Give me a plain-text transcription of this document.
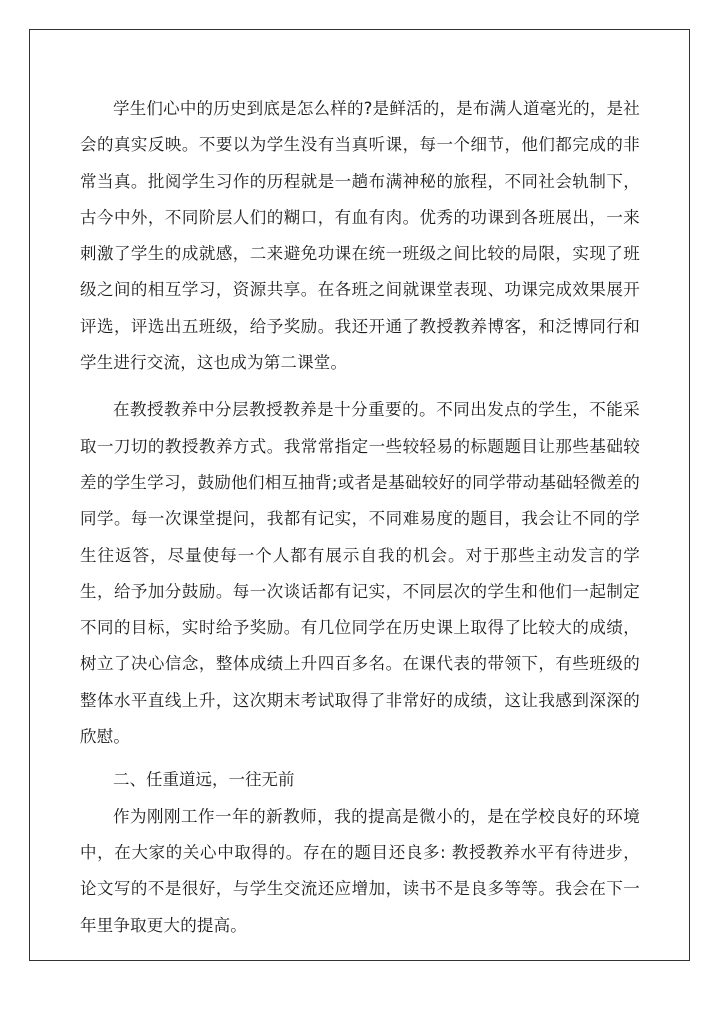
学生们心中的历史到底是怎么样的?是鲜活的，是布满人道毫光的，是社会的真实反映。不要以为学生没有当真听课，每一个细节，他们都完成的非常当真。批阅学生习作的历程就是一趟布满神秘的旅程，不同社会轨制下，古今中外，不同阶层人们的糊口，有血有肉。优秀的功课到各班展出，一来刺激了学生的成就感，二来避免功课在统一班级之间比较的局限，实现了班级之间的相互学习，资源共享。在各班之间就课堂表现、功课完成效果展开评选，评选出五班级，给予奖励。我还开通了教授教养博客，和泛博同行和学生进行交流，这也成为第二课堂。

在教授教养中分层教授教养是十分重要的。不同出发点的学生，不能采取一刀切的教授教养方式。我常常指定一些较轻易的标题题目让那些基础较差的学生学习，鼓励他们相互抽背;或者是基础较好的同学带动基础轻微差的同学。每一次课堂提问，我都有记实，不同难易度的题目，我会让不同的学生往返答，尽量使每一个人都有展示自我的机会。对于那些主动发言的学生，给予加分鼓励。每一次谈话都有记实，不同层次的学生和他们一起制定不同的目标，实时给予奖励。有几位同学在历史课上取得了比较大的成绩，树立了决心信念，整体成绩上升四百多名。在课代表的带领下，有些班级的整体水平直线上升，这次期末考试取得了非常好的成绩，这让我感到深深的欣慰。

二、任重道远，一往无前

作为刚刚工作一年的新教师，我的提高是微小的，是在学校良好的环境中，在大家的关心中取得的。存在的题目还良多: 教授教养水平有待进步，论文写的不是很好，与学生交流还应增加，读书不是良多等等。我会在下一年里争取更大的提高。
